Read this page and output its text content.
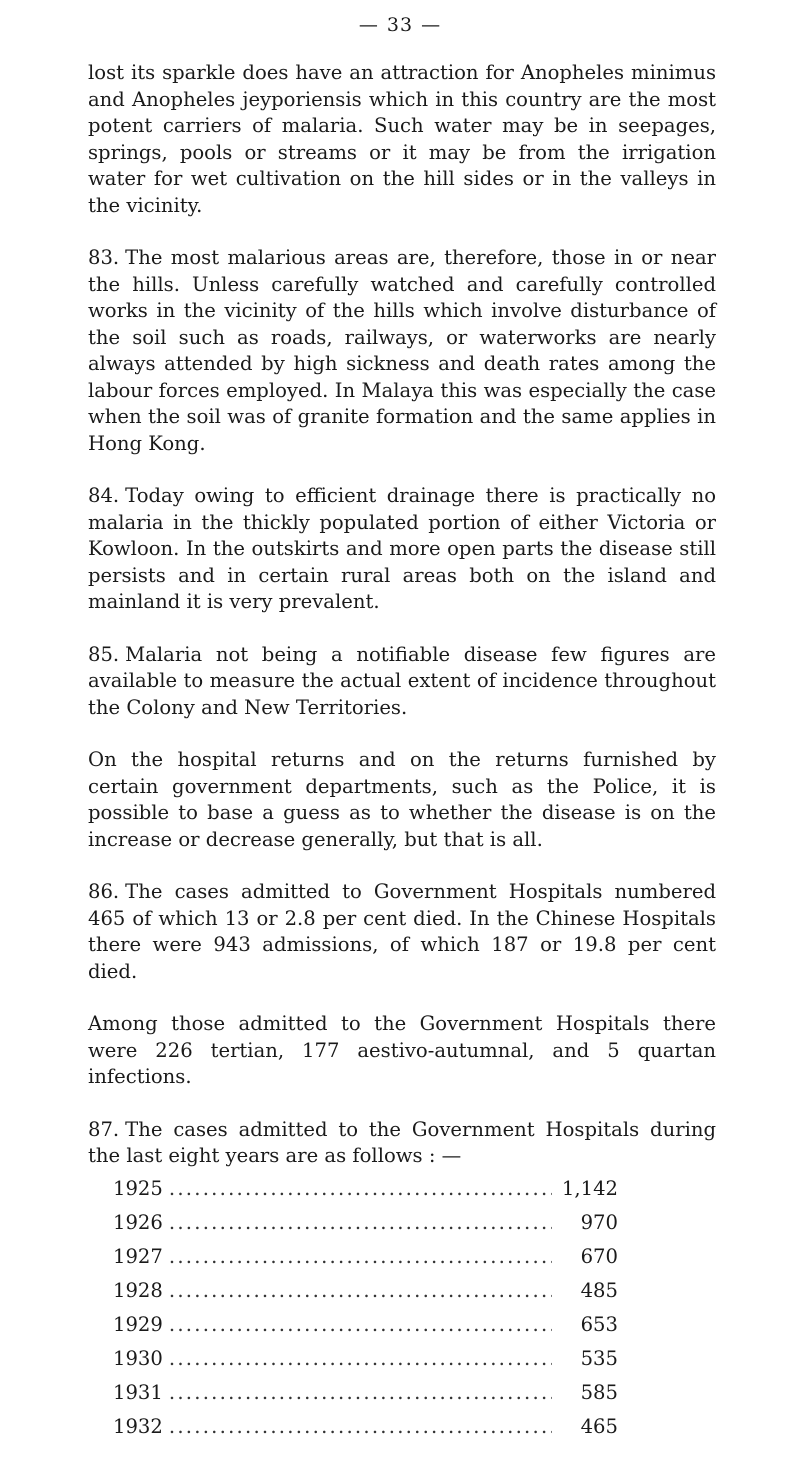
— 33 —

lost its sparkle does have an attraction for Anopheles minimus and Anopheles jeyporiensis which in this country are the most potent carriers of malaria. Such water may be in seepages, springs, pools or streams or it may be from the irrigation water for wet cultivation on the hill sides or in the valleys in the vicinity.

83. The most malarious areas are, therefore, those in or near the hills. Unless carefully watched and carefully controlled works in the vicinity of the hills which involve disturbance of the soil such as roads, railways, or waterworks are nearly always attended by high sickness and death rates among the labour forces employed. In Malaya this was especially the case when the soil was of granite formation and the same applies in Hong Kong.

84. Today owing to efficient drainage there is practically no malaria in the thickly populated portion of either Victoria or Kowloon. In the outskirts and more open parts the disease still persists and in certain rural areas both on the island and mainland it is very prevalent.

85. Malaria not being a notifiable disease few figures are available to measure the actual extent of incidence throughout the Colony and New Territories.

On the hospital returns and on the returns furnished by certain government departments, such as the Police, it is possible to base a guess as to whether the disease is on the increase or decrease generally, but that is all.

86. The cases admitted to Government Hospitals numbered 465 of which 13 or 2.8 per cent died. In the Chinese Hospitals there were 943 admissions, of which 187 or 19.8 per cent died.

Among those admitted to the Government Hospitals there were 226 tertian, 177 aestivo-autumnal, and 5 quartan infections.

87. The cases admitted to the Government Hospitals during the last eight years are as follows : —

1925 . . .	1,142
1926 . . .	970
1927 . . .	670
1928 . . .	485
1929 . . .	653
1930 . . .	535
1931 . . .	585
1932 . . .	465
